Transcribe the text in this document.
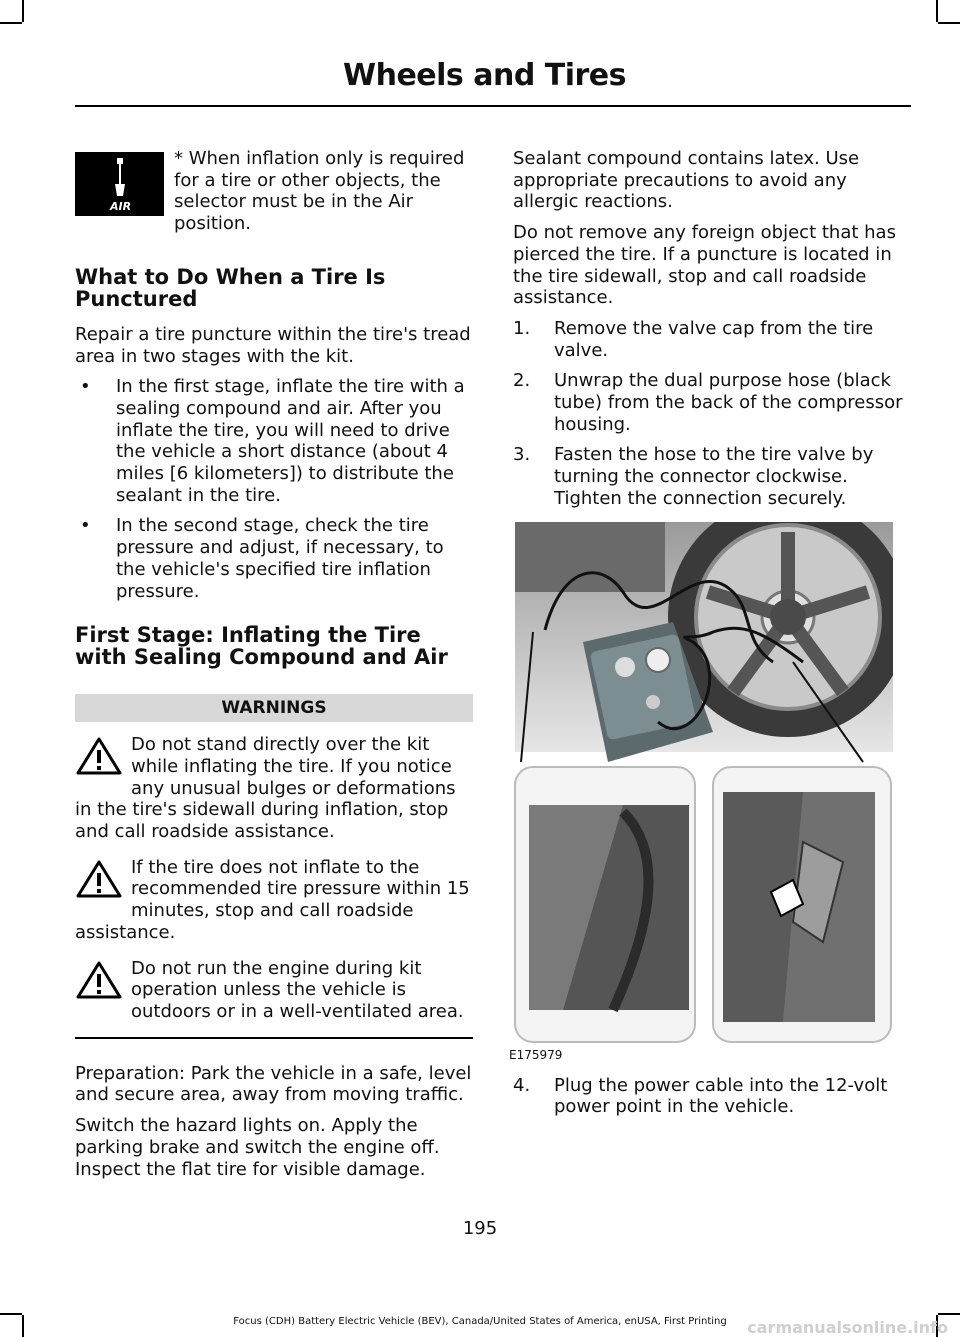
Wheels and Tires
AIR

* When inflation only is required for a tire or other objects, the selector must be in the Air position.

What to Do When a Tire Is Punctured

Repair a tire puncture within the tire's tread area in two stages with the kit.

• In the first stage, inflate the tire with a sealing compound and air. After you inflate the tire, you will need to drive the vehicle a short distance (about 4 miles [6 kilometers]) to distribute the sealant in the tire.
• In the second stage, check the tire pressure and adjust, if necessary, to the vehicle's specified tire inflation pressure.
First Stage: Inflating the Tire with Sealing Compound and Air
WARNINGS
Do not stand directly over the kit while inflating the tire. If you notice any unusual bulges or deformations in the tire's sidewall during inflation, stop and call roadside assistance.
If the tire does not inflate to the recommended tire pressure within 15 minutes, stop and call roadside assistance.
Do not run the engine during kit operation unless the vehicle is outdoors or in a well-ventilated area.

Preparation: Park the vehicle in a safe, level and secure area, away from moving traffic.

Switch the hazard lights on. Apply the parking brake and switch the engine off. Inspect the flat tire for visible damage.

Sealant compound contains latex. Use appropriate precautions to avoid any allergic reactions.

Do not remove any foreign object that has pierced the tire. If a puncture is located in the tire sidewall, stop and call roadside assistance.

1. Remove the valve cap from the tire valve.
2. Unwrap the dual purpose hose (black tube) from the back of the compressor housing.
3. Fasten the hose to the tire valve by turning the connector clockwise. Tighten the connection securely.
E175979
4. Plug the power cable into the 12-volt power point in the vehicle.

195

Focus (CDH) Battery Electric Vehicle (BEV), Canada/United States of America, enUSA, First Printing	carmanualsonline.info
